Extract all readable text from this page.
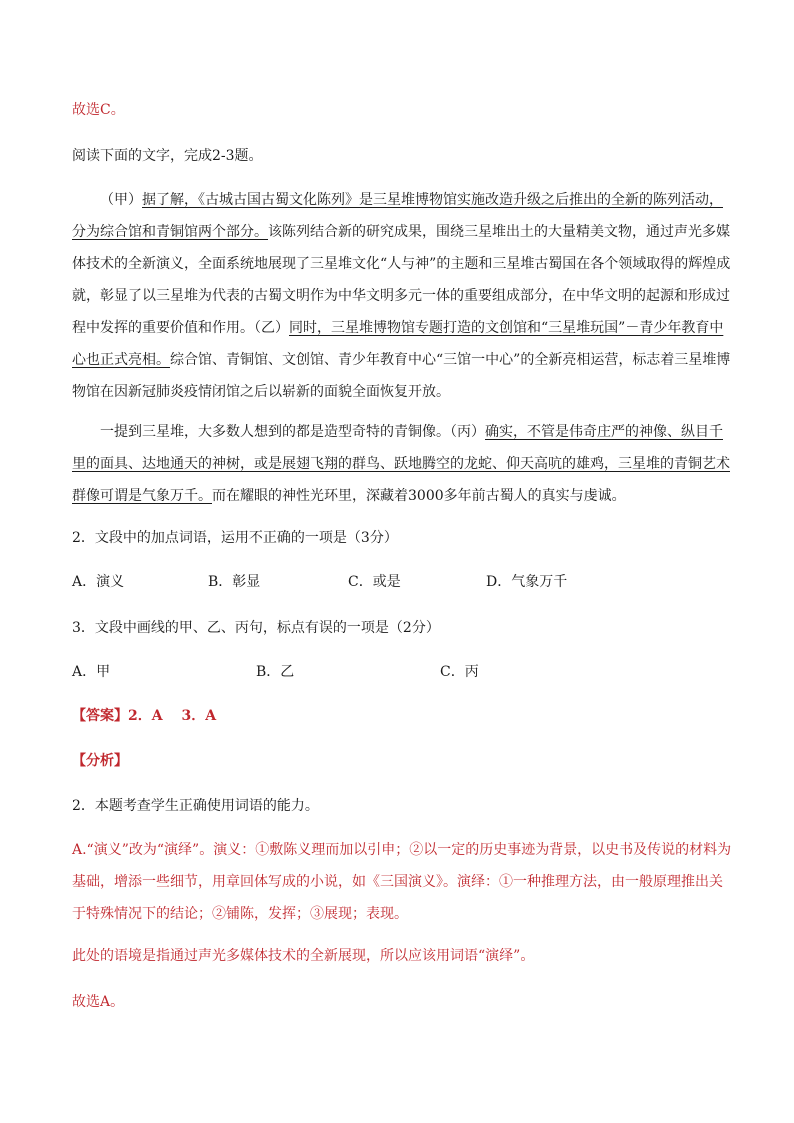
故选C。
阅读下面的文字，完成2-3题。
（甲）据了解，《古城古国古蜀文化陈列》是三星堆博物馆实施改造升级之后推出的全新的陈列活动，分为综合馆和青铜馆两个部分。该陈列结合新的研究成果，围绕三星堆出土的大量精美文物，通过声光多媒体技术的全新演义，全面系统地展现了三星堆文化“人与神”的主题和三星堆古蜀国在各个领域取得的辉煌成就，彰显了以三星堆为代表的古蜀文明作为中华文明多元一体的重要组成部分，在中华文明的起源和形成过程中发挥的重要价值和作用。（乙）同时，三星堆博物馆专题打造的文创馆和“三星堆玩国”－青少年教育中心也正式亮相。综合馆、青铜馆、文创馆、青少年教育中心“三馆一中心”的全新亮相运营，标志着三星堆博物馆在因新冠肺炎疫情闭馆之后以崭新的面貌全面恢复开放。
一提到三星堆，大多数人想到的都是造型奇特的青铜像。（丙）确实，不管是伟奇庄严的神像、纵目千里的面具、达地通天的神树，或是展翅飞翔的群鸟、跃地腾空的龙蛇、仰天高吭的雄鸡，三星堆的青铜艺术群像可谓是气象万千。而在耀眼的神性光环里，深藏着3000多年前古蜀人的真实与虔诚。
2．文段中的加点词语，运用不正确的一项是（3分）
A．演义	B．彰显	C．或是	D．气象万千
3．文段中画线的甲、乙、丙句，标点有误的一项是（2分）
A．甲	B．乙	C．丙
【答案】2．A　 3．A
【分析】
2．本题考查学生正确使用词语的能力。
A.“演义”改为“演绎”。演义：①敷陈义理而加以引申；②以一定的历史事迹为背景，以史书及传说的材料为基础，增添一些细节，用章回体写成的小说，如《三国演义》。演绎：①一种推理方法，由一般原理推出关于特殊情况下的结论；②铺陈，发挥；③展现；表现。
此处的语境是指通过声光多媒体技术的全新展现，所以应该用词语“演绎”。
故选A。
